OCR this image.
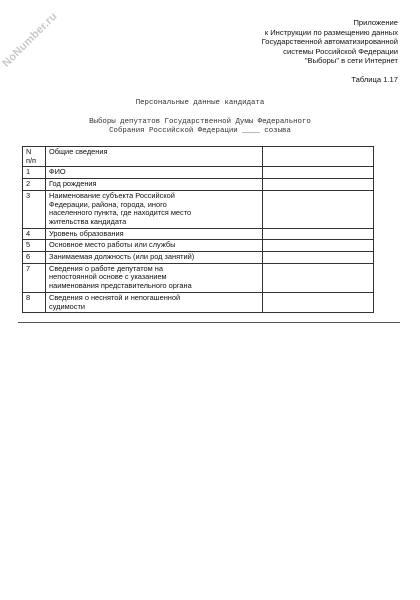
NoNumber.ru	Приложение
к Инструкции по размещению данных
Государственной автоматизированной
системы Российской Федерации
"Выборы" в сети Интернет
Таблица 1.17
Персональные данные кандидата
Выборы депутатов Государственной Думы Федерального
Собрания Российской Федерации ____ созыва
N
п/п	Общие сведения	
1	ФИО	
2	Год рождения	
3	Наименование субъекта Российской
Федерации, района, города, иного
населенного пункта, где находится место
жительства кандидата	
4	Уровень образования	
5	Основное место работы или службы	
6	Занимаемая должность (или род занятий)	
7	Сведения о работе депутатом на
непостоянной основе с указанием
наименования представительного органа	
8	Сведения о неснятой и непогашенной
судимости	
